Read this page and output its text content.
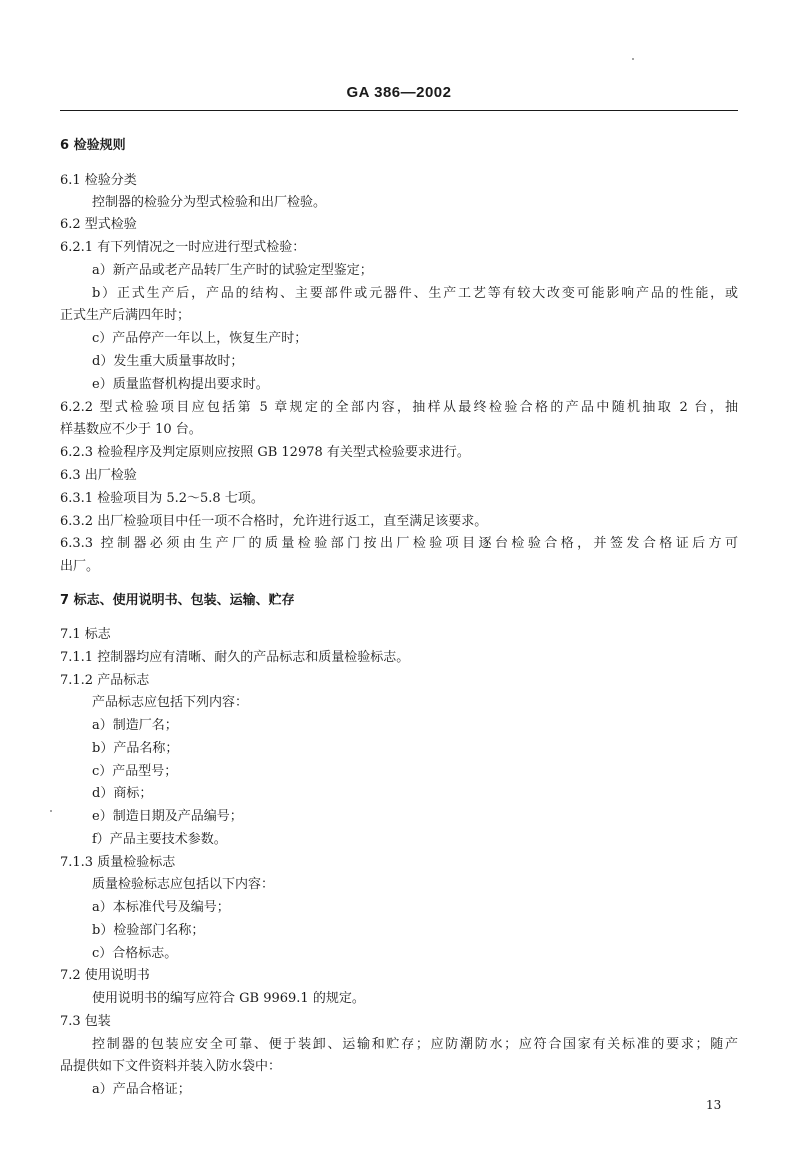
GA 386—2002
6 检验规则
6.1 检验分类
控制器的检验分为型式检验和出厂检验。
6.2 型式检验
6.2.1 有下列情况之一时应进行型式检验：
a）新产品或老产品转厂生产时的试验定型鉴定；
b）正式生产后，产品的结构、主要部件或元器件、生产工艺等有较大改变可能影响产品的性能，或
正式生产后满四年时；
c）产品停产一年以上，恢复生产时；
d）发生重大质量事故时；
e）质量监督机构提出要求时。
6.2.2 型式检验项目应包括第 5 章规定的全部内容，抽样从最终检验合格的产品中随机抽取 2 台，抽
样基数应不少于 10 台。
6.2.3 检验程序及判定原则应按照 GB 12978 有关型式检验要求进行。
6.3 出厂检验
6.3.1 检验项目为 5.2～5.8 七项。
6.3.2 出厂检验项目中任一项不合格时，允许进行返工，直至满足该要求。
6.3.3 控制器必须由生产厂的质量检验部门按出厂检验项目逐台检验合格，并签发合格证后方可
出厂。
7 标志、使用说明书、包装、运输、贮存
7.1 标志
7.1.1 控制器均应有清晰、耐久的产品标志和质量检验标志。
7.1.2 产品标志
产品标志应包括下列内容：
a）制造厂名；
b）产品名称；
c）产品型号；
d）商标；
e）制造日期及产品编号；
f）产品主要技术参数。
7.1.3 质量检验标志
质量检验标志应包括以下内容：
a）本标准代号及编号；
b）检验部门名称；
c）合格标志。
7.2 使用说明书
使用说明书的编写应符合 GB 9969.1 的规定。
7.3 包装
控制器的包装应安全可靠、便于装卸、运输和贮存；应防潮防水；应符合国家有关标准的要求；随产
品提供如下文件资料并装入防水袋中：
a）产品合格证；
13
